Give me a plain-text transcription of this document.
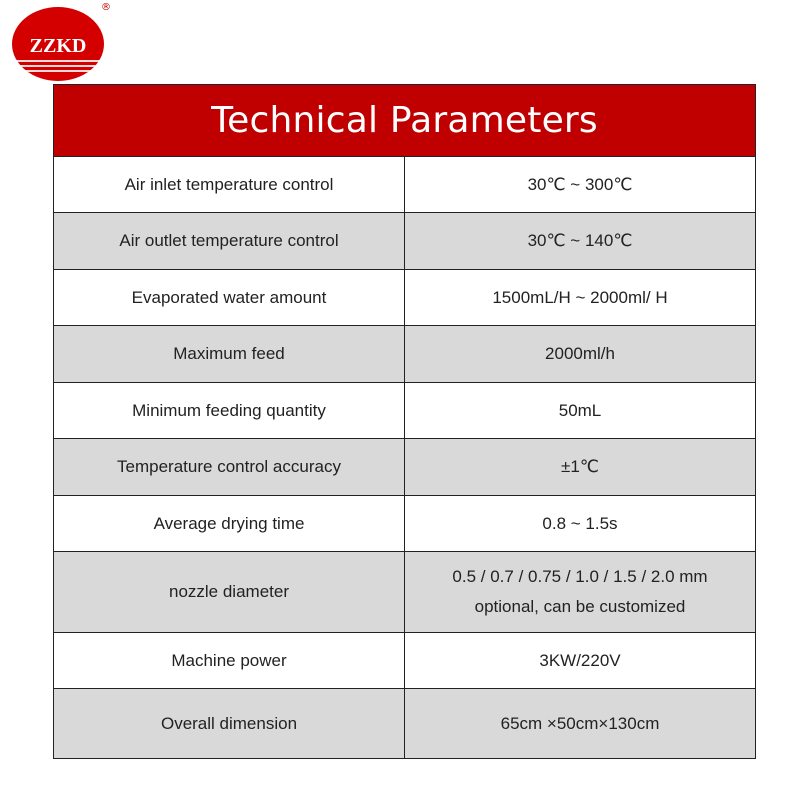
ZZKD
®
Technical Parameters	
Air inlet temperature control	30℃ ~ 300℃
Air outlet temperature control	30℃ ~ 140℃
Evaporated water amount	1500mL/H ~ 2000ml/ H
Maximum feed	2000ml/h
Minimum feeding quantity	50mL
Temperature control accuracy	±1℃
Average drying time	0.8 ~ 1.5s
nozzle diameter	0.5 / 0.7 / 0.75 / 1.0 / 1.5 / 2.0 mm
optional, can be customized

Machine power	3KW/220V
Overall dimension	65cm ×50cm×130cm
